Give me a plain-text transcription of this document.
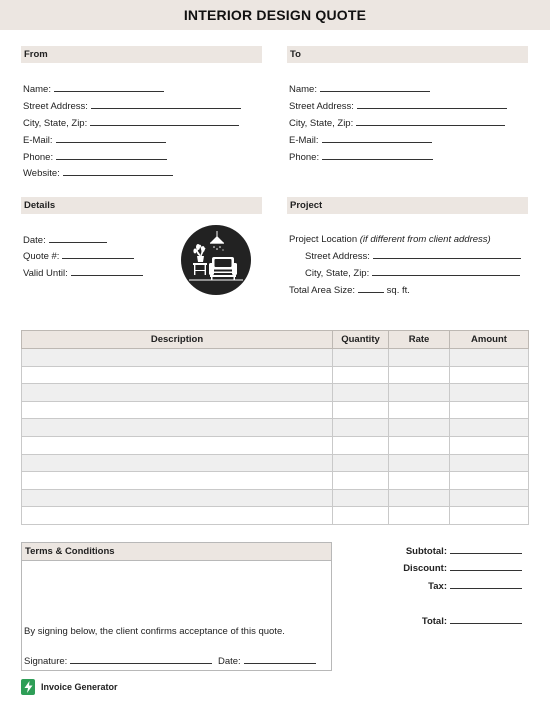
INTERIOR DESIGN QUOTE
From
Name:
Street Address:
City, State, Zip:
E-Mail:
Phone:
Website:
To
Name:
Street Address:
City, State, Zip:
E-Mail:
Phone:
Details
Date:
Quote #:
Valid Until:
Project
Project Location (if different from client address)
Street Address:
City, State, Zip:
Total Area Size:	sq. ft.
Description	Quantity	Rate	Amount

Terms & Conditions
By signing below, the client confirms acceptance of this quote.
Signature:	Date:
Subtotal:
Discount:
Tax:
Total:
Invoice Generator
